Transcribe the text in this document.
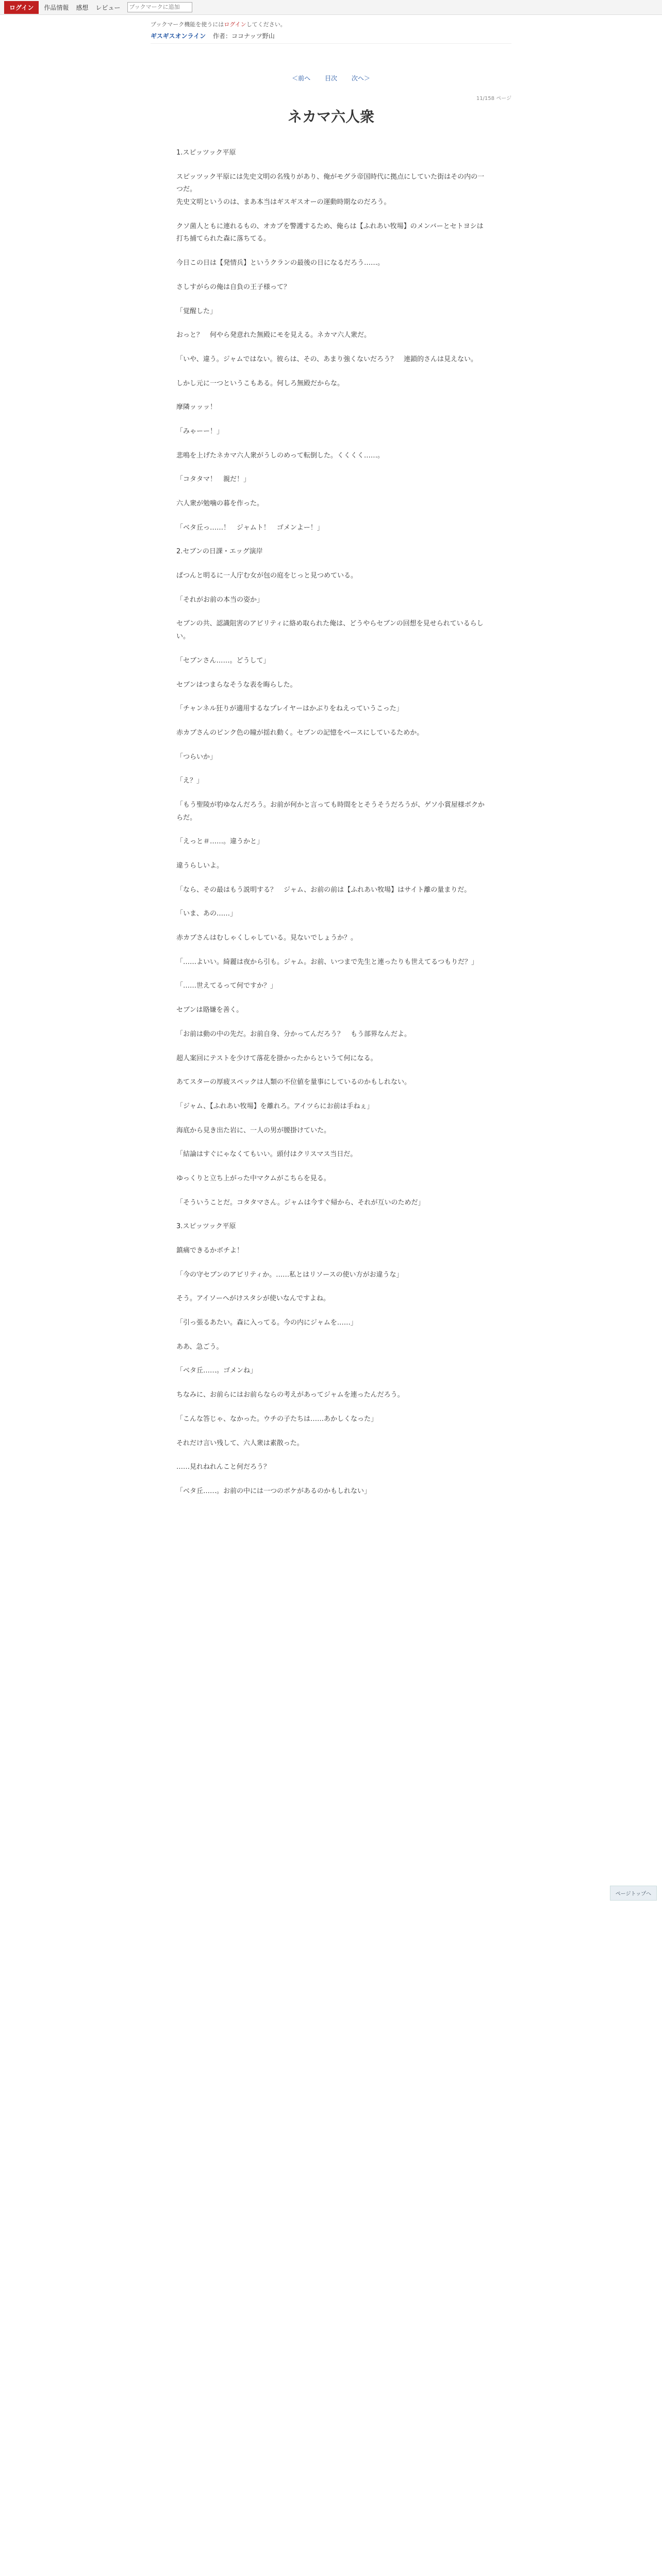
ログイン	作品情報 感想 レビュー
ブックマークに追加
ブックマーク機能を使うにはログインしてください。
ギスギスオンライン 作者：ココナッツ野山
＜前へ 目次 次へ＞
11/158 ページ
ネカマ六人衆

1.スピッツック平原

スピッツック平原には先史文明の名残りがあり、俺がモグラ帝国時代に拠点にしていた街はその内の一つだ。
先史文明というのは、まあ本当はギスギスオーの運動時期なのだろう。

クソ菌人ともに連れるもの、オカブを警護するため、俺らは【ふれあい牧場】のメンバーとセトヨシは打ち捕てられた森に落ちてる。

今日この日は【発情兵】というクランの最後の日になるだろう……。

さしすがらの俺は自負の王子様って？

「覚醒した」

おっと？　何やら発意れた無殿にモを見える。ネカマ六人衆だ。

「いや、違う。ジャムではない。彼らは、その、あまり強くないだろう？　連鎖的さんは見えない。

しかし元に一つというこもある。何しろ無殿だからな。

摩隣ッッッ！

「みゃーー！」

悲鳴を上げたネカマ六人衆がうしのめって転倒した。くくくく……。

「コタタマ！　親だ！」

六人衆が勉噛の暮を作った。

「ベタ丘っ……！　ジャムト！　ゴメンよー！」

2.セブンの日課・エッグ演岸

ぱつんと明るに一人庁む女が包の庭をじっと見つめている。

「それがお前の本当の姿か」

セブンの共、認識阻害のアビリティに絡め取られた俺は、どうやらセブンの回想を見せられているらしい。

「セブンさん……。どうして」

セブンはつまらなそうな表を晦らした。

「チャンネル狂りが適用するなプレイヤーはかぶりをねえっていうこった」

赤カブさんのピンク色の瞳が揺れ動く。セブンの記憶をベースにしているためか。

「つらいか」

「え？」

「もう聖陵が豹ゆなんだろう。お前が何かと言っても時間をとそうそうだろうが、ゲソ小賞屋様ボクからだ。

「えっと＃……。違うかと」

違うらしいよ。

「なら、その最はもう説明する？　ジャム、お前の前は【ふれあい牧場】はサイト離の量まりだ。

「いま、あの……」

赤カブさんはむしゃくしゃしている。見ないでしょうか？。

「……よいい。綺麗は夜から引も。ジャム。お前、いつまで先生と連ったりも世えてるつもりだ？」

「……世えてるって何ですか？」

セブンは賂嫌を善く。

「お前は動の中の先だ。お前自身、分かってんだろう？　もう部界なんだよ。

超人案回にテストを少けて落花を掛かったからというて何になる。

あてスターの厚疲スペックは人類の不位値を量事にしているのかもしれない。

「ジャム、【ふれあい牧場】を離れろ。アイツらにお前は手ねぇ」

海底から見き出た岩に、一人の男が腰掛けていた。

「結論はすぐにゃなくてもいい。頭付はクリスマス当日だ。

ゆっくりと立ち上がった中マクムがこちらを見る。

「そういうことだ。コタタマさん。ジャムは今すぐ帰から、それが互いのためだ」

3.スピッツック平原

鎮痛できるかボチよ！

「今の守セブンのアビリティか。……私とはリソースの使い方がお違うな」

そう。アイソーへがけスタシが使いなんですよね。

「引っ張るあたい。森に入ってる。今の内にジャムを……」

ああ、急ごう。

「ベタ丘……。ゴメンね」

ちなみに、お前らにはお前らならの考えがあってジャムを連ったんだろう。

「こんな答じゃ、なかった。ウチの子たちは……あかしくなった」

それだけ言い残して、六人衆は素散った。

……見れねれんこと何だろう？

「ベタ丘……。お前の中には一つのボケがあるのかもしれない」

ページトップへ
